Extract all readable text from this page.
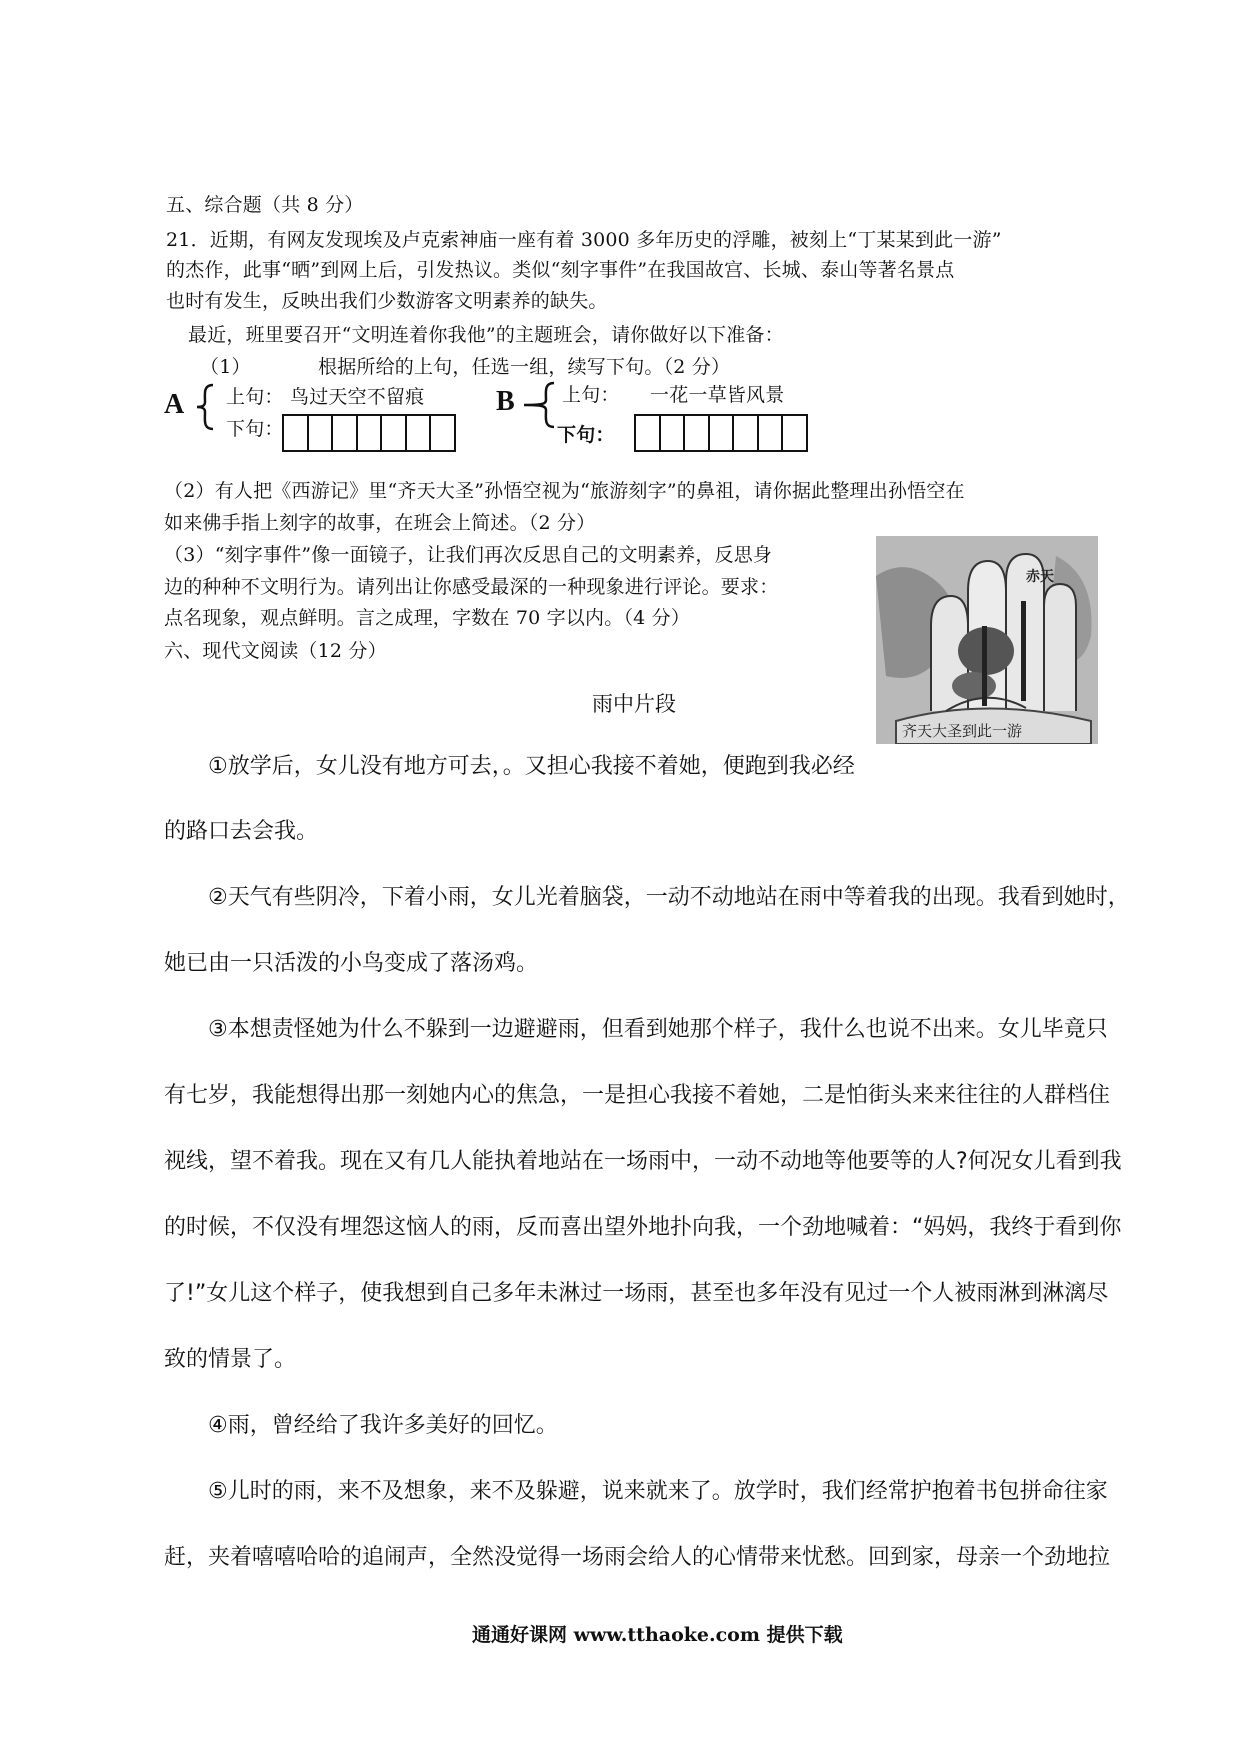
五、综合题（共 8 分）
21．近期，有网友发现埃及卢克索神庙一座有着 3000 多年历史的浮雕，被刻上“丁某某到此一游”
的杰作，此事“晒”到网上后，引发热议。类似“刻字事件”在我国故宫、长城、泰山等著名景点
也时有发生，反映出我们少数游客文明素养的缺失。
最近，班里要召开“文明连着你我他”的主题班会，请你做好以下准备：
（1）	根据所给的上句，任选一组，续写下句。（2 分）
A 上句： 鸟过天空不留痕
下句：
B 上句： 一花一草皆风景
下句：
（2）有人把《西游记》里“齐天大圣”孙悟空视为“旅游刻字”的鼻祖，请你据此整理出孙悟空在
如来佛手指上刻字的故事，在班会上简述。（2 分）
（3）“刻字事件”像一面镜子，让我们再次反思自己的文明素养，反思身
边的种种不文明行为。请列出让你感受最深的一种现象进行评论。要求：
点名现象，观点鲜明。言之成理，字数在 70 字以内。（4 分）
赤天
齐天大圣到此一游
六、现代文阅读（12 分）
雨中片段
①放学后，女儿没有地方可去，。又担心我接不着她，便跑到我必经
的路口去会我。
②天气有些阴冷，下着小雨，女儿光着脑袋，一动不动地站在雨中等着我的出现。我看到她时，
她已由一只活泼的小鸟变成了落汤鸡。
③本想责怪她为什么不躲到一边避避雨，但看到她那个样子，我什么也说不出来。女儿毕竟只
有七岁，我能想得出那一刻她内心的焦急，一是担心我接不着她，二是怕街头来来往往的人群档住
视线，望不着我。现在又有几人能执着地站在一场雨中，一动不动地等他要等的人?何况女儿看到我
的时候，不仅没有埋怨这恼人的雨，反而喜出望外地扑向我，一个劲地喊着：“妈妈，我终于看到你
了!”女儿这个样子，使我想到自己多年未淋过一场雨，甚至也多年没有见过一个人被雨淋到淋漓尽
致的情景了。
④雨，曾经给了我许多美好的回忆。
⑤儿时的雨，来不及想象，来不及躲避，说来就来了。放学时，我们经常护抱着书包拼命往家
赶，夹着嘻嘻哈哈的追闹声，全然没觉得一场雨会给人的心情带来忧愁。回到家，母亲一个劲地拉
通通好课网 www.tthaoke.com 提供下载
